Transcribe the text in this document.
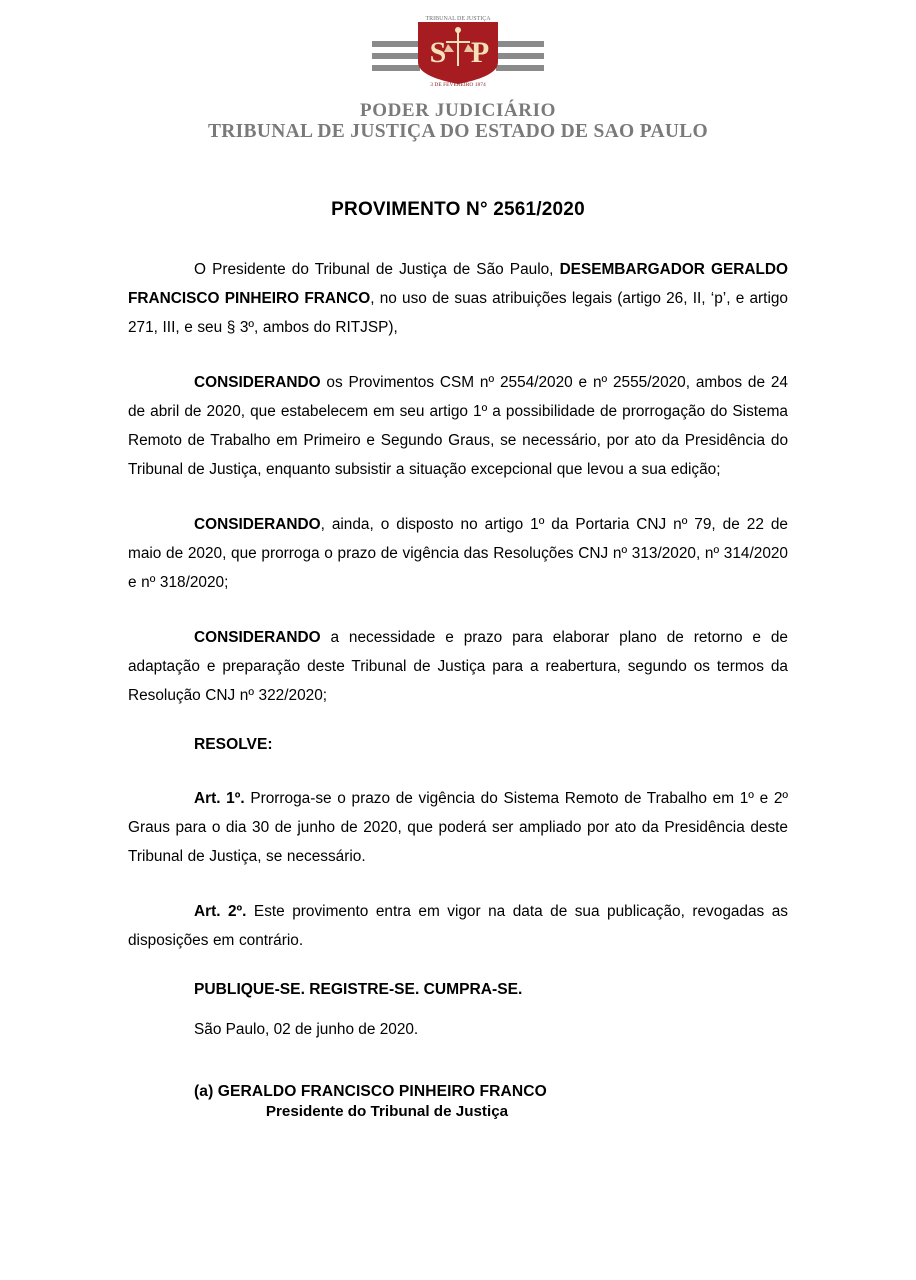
TRIBUNAL DE JUSTIÇA
S P
3 DE FEVEREIRO 1874
PODER JUDICIÁRIO
TRIBUNAL DE JUSTIÇA DO ESTADO DE SAO PAULO
PROVIMENTO N° 2561/2020

O Presidente do Tribunal de Justiça de São Paulo, DESEMBARGADOR GERALDO FRANCISCO PINHEIRO FRANCO, no uso de suas atribuições legais (artigo 26, II, ‘p’, e artigo 271, III, e seu § 3º, ambos do RITJSP),

CONSIDERANDO os Provimentos CSM nº 2554/2020 e nº 2555/2020, ambos de 24 de abril de 2020, que estabelecem em seu artigo 1º a possibilidade de prorrogação do Sistema Remoto de Trabalho em Primeiro e Segundo Graus, se necessário, por ato da Presidência do Tribunal de Justiça, enquanto subsistir a situação excepcional que levou a sua edição;

CONSIDERANDO, ainda, o disposto no artigo 1º da Portaria CNJ nº 79, de 22 de maio de 2020, que prorroga o prazo de vigência das Resoluções CNJ nº 313/2020, nº 314/2020 e nº 318/2020;

CONSIDERANDO a necessidade e prazo para elaborar plano de retorno e de adaptação e preparação deste Tribunal de Justiça para a reabertura, segundo os termos da Resolução CNJ nº 322/2020;

RESOLVE:

Art. 1º. Prorroga-se o prazo de vigência do Sistema Remoto de Trabalho em 1º e 2º Graus para o dia 30 de junho de 2020, que poderá ser ampliado por ato da Presidência deste Tribunal de Justiça, se necessário.

Art. 2º. Este provimento entra em vigor na data de sua publicação, revogadas as disposições em contrário.

PUBLIQUE-SE. REGISTRE-SE. CUMPRA-SE.

São Paulo, 02 de junho de 2020.

(a) GERALDO FRANCISCO PINHEIRO FRANCO
Presidente do Tribunal de Justiça
